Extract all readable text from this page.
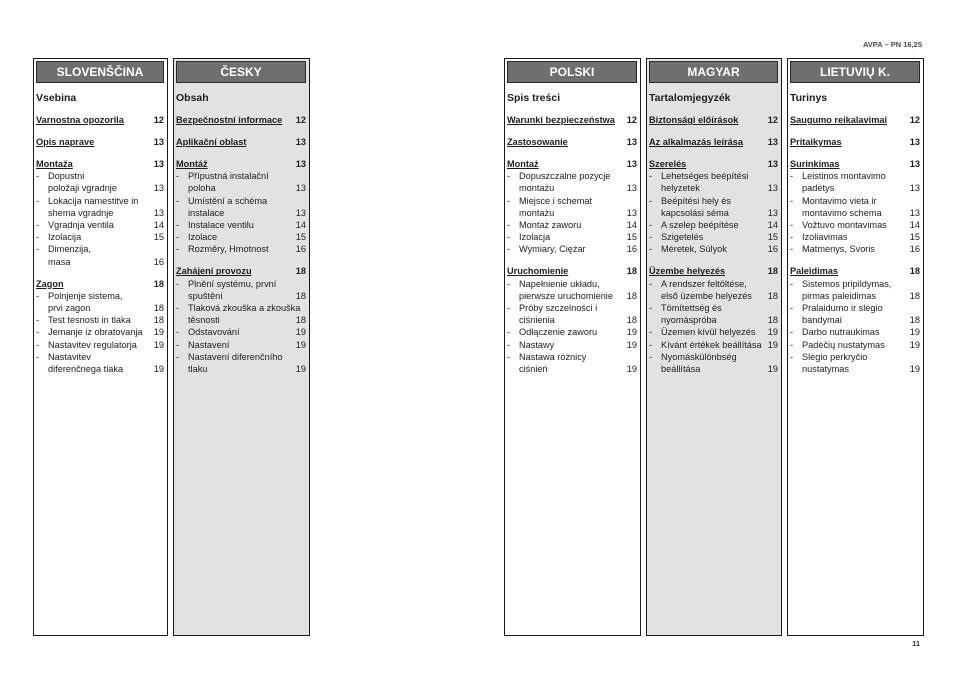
AVPA – PN 16,25
11
SLOVENŠČINA
Vsebina
Varnostna opozorila	12
Opis naprave	13
Montaža	13
- Dopustni
položaji vgradnje	13
- Lokacija namestitve in
shema vgradnje	13
- Vgradnja ventila	14
- Izolacija	15
- Dimenzija,
masa	16
Zagon	18
- Polnjenje sistema,
prvi zagon	18
- Test tesnosti in tlaka	18
- Jemanje iz obratovanja	19
- Nastavitev regulatorja	19
- Nastavitev
diferenčnega tlaka	19
ČESKY
Obsah
Bezpečnostní informace 12
Aplikační oblast	13
Montáž	13
- Přípustná instalační
poloha	13
- Umístění a schéma
instalace	13
- Instalace ventilu	14
- Izolace	15
- Rozměry, Hmotnost	16
Zahájení provozu	18
- Plnění systému, první
spuštění	18
- Tlaková zkouška a zkouška
těsnosti	18
- Odstavování	19
- Nastavení	19
- Nastavení diferenčního
tlaku	19
POLSKI
Spis treści
Warunki bezpieczeństwa 12
Zastosowanie	13
Montaż	13
- Dopuszczalne pozycje
montażu	13
- Miejsce i schemat
montażu	13
- Montaż zaworu	14
- Izolacja	15
- Wymiary, Ciężar	16
Uruchomienie	18
- Napełnienie układu,
pierwsze uruchomienie	18
- Próby szczelności i
ciśnienia	18
- Odłączenie zaworu	19
- Nastawy	19
- Nastawa różnicy
ciśnień	19
MAGYAR
Tartalomjegyzék
Biztonsági előírások	12
Az alkalmazás leírása	13
Szerelés	13
- Lehetséges beépítési
helyzetek	13
- Beépítési hely és
kapcsolási séma	13
- A szelep beépítése	14
- Szigetelés	15
- Méretek, Súlyok	16
Üzembe helyezés	18
- A rendszer feltöltése,
első üzembe helyezés	18
- Tömítettség és
nyomáspróba	18
- Üzemen kívül helyezés	19
- Kívánt értékek beállítása 19
- Nyomáskülönbség
beállítása	19
LIETUVIŲ K.
Turinys
Saugumo reikalavimai 12
Pritaikymas	13
Surinkimas	13
- Leistinos montavimo
padėtys	13
- Montavimo vieta ir
montavimo schema	13
- Vožtuvo montavimas	14
- Izoliavimas	15
- Matmenys, Svoris	16
Paleidimas	18
- Sistemos pripildymas,
pirmas paleidimas	18
- Pralaidumo ir slėgio
bandymai	18
- Darbo nutraukimas	19
- Padėčių nustatymas	19
- Slėgio perkryčio
nustatymas	19
